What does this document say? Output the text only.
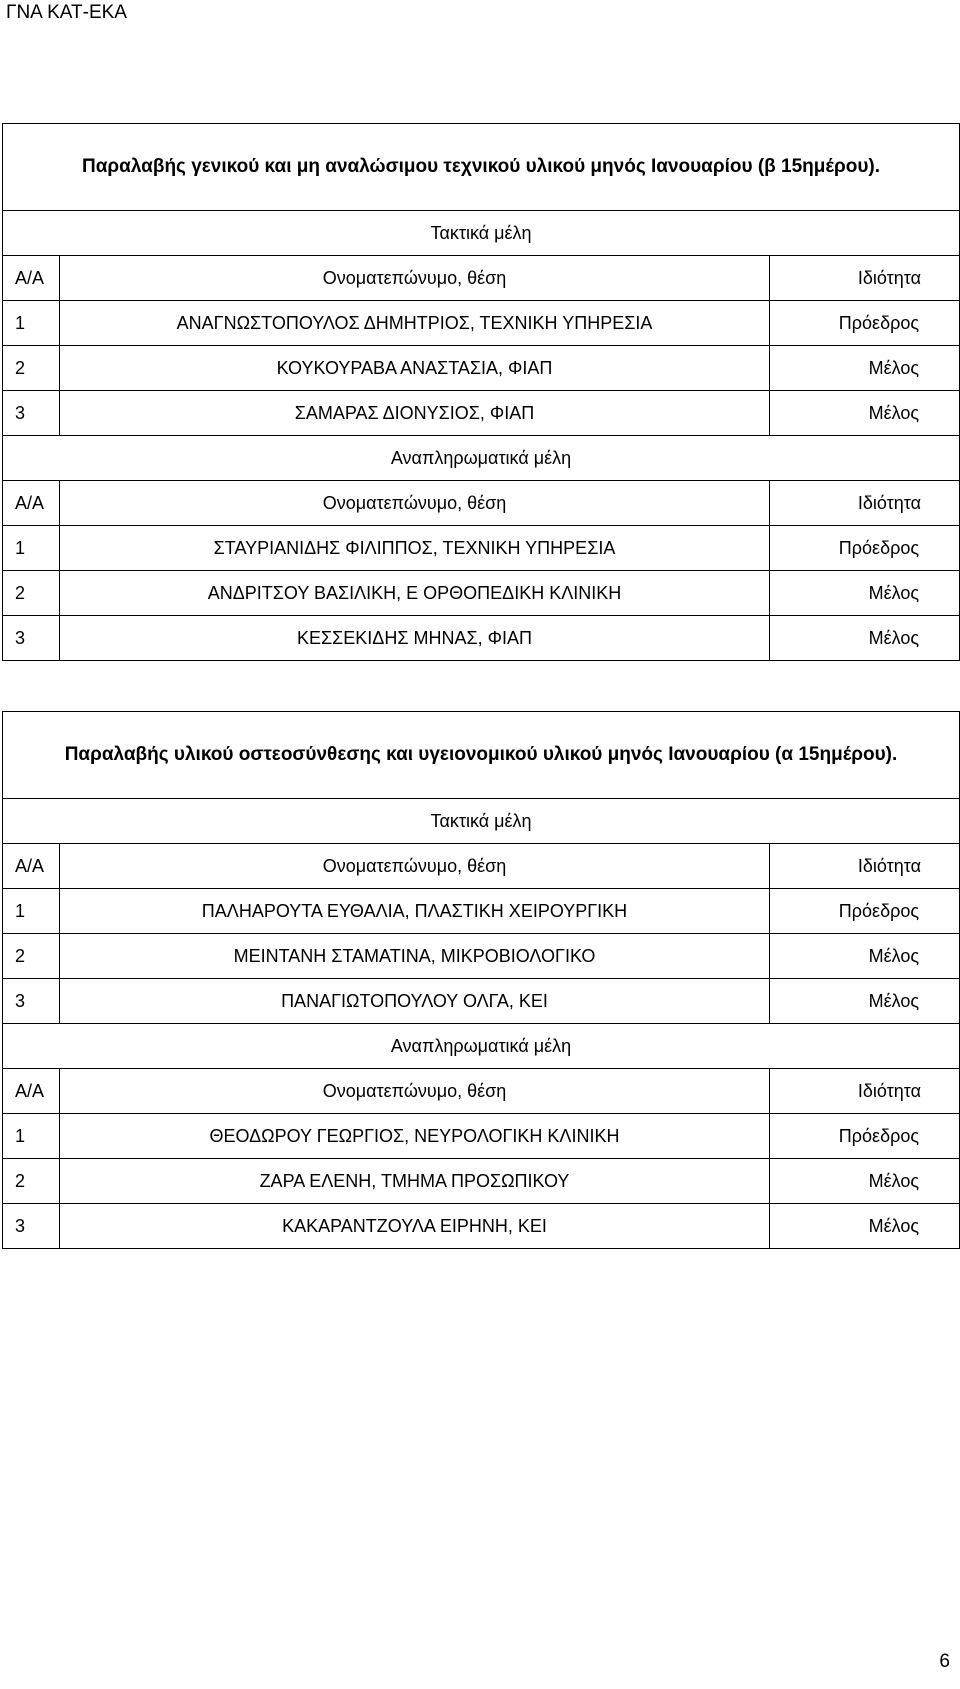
ΓΝΑ ΚΑΤ-ΕΚΑ
Παραλαβής γενικού και μη αναλώσιμου τεχνικού υλικού μηνός Ιανουαρίου (β 15ημέρου).		
Τακτικά μέλη		
Α/Α	Ονοματεπώνυμο, θέση	Ιδιότητα
1	ΑΝΑΓΝΩΣΤΟΠΟΥΛΟΣ ΔΗΜΗΤΡΙΟΣ, ΤΕΧΝΙΚΗ ΥΠΗΡΕΣΙΑ	Πρόεδρος
2	ΚΟΥΚΟΥΡΑΒΑ ΑΝΑΣΤΑΣΙΑ, ΦΙΑΠ	Μέλος
3	ΣΑΜΑΡΑΣ ΔΙΟΝΥΣΙΟΣ, ΦΙΑΠ	Μέλος
Αναπληρωματικά μέλη		
Α/Α	Ονοματεπώνυμο, θέση	Ιδιότητα
1	ΣΤΑΥΡΙΑΝΙΔΗΣ ΦΙΛΙΠΠΟΣ, ΤΕΧΝΙΚΗ ΥΠΗΡΕΣΙΑ	Πρόεδρος
2	ΑΝΔΡΙΤΣΟΥ ΒΑΣΙΛΙΚΗ, Ε ΟΡΘΟΠΕΔΙΚΗ ΚΛΙΝΙΚΗ	Μέλος
3	ΚΕΣΣΕΚΙΔΗΣ ΜΗΝΑΣ, ΦΙΑΠ	Μέλος
Παραλαβής υλικού οστεοσύνθεσης και υγειονομικού υλικού μηνός Ιανουαρίου (α 15ημέρου).		
Τακτικά μέλη		
Α/Α	Ονοματεπώνυμο, θέση	Ιδιότητα
1	ΠΑΛΗΑΡΟΥΤΑ ΕΥΘΑΛΙΑ, ΠΛΑΣΤΙΚΗ ΧΕΙΡΟΥΡΓΙΚΗ	Πρόεδρος
2	ΜΕΙΝΤΑΝΗ ΣΤΑΜΑΤΙΝΑ, ΜΙΚΡΟΒΙΟΛΟΓΙΚΟ	Μέλος
3	ΠΑΝΑΓΙΩΤΟΠΟΥΛΟΥ ΟΛΓΑ, ΚΕΙ	Μέλος
Αναπληρωματικά μέλη		
Α/Α	Ονοματεπώνυμο, θέση	Ιδιότητα
1	ΘΕΟΔΩΡΟΥ ΓΕΩΡΓΙΟΣ, ΝΕΥΡΟΛΟΓΙΚΗ ΚΛΙΝΙΚΗ	Πρόεδρος
2	ΖΑΡΑ ΕΛΕΝΗ, ΤΜΗΜΑ ΠΡΟΣΩΠΙΚΟΥ	Μέλος
3	ΚΑΚΑΡΑΝΤΖΟΥΛΑ ΕΙΡΗΝΗ, ΚΕΙ	Μέλος
6
